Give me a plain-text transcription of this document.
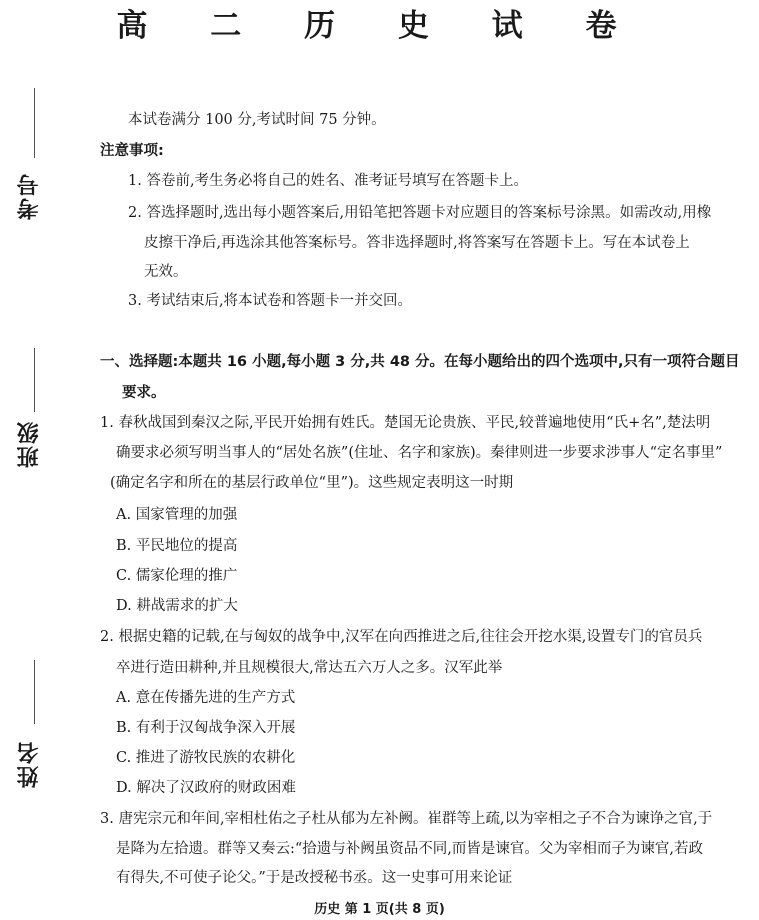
高 二 历 史 试 卷
考号
班级
姓名
本试卷满分 100 分,考试时间 75 分钟。
注意事项:
1. 答卷前,考生务必将自己的姓名、准考证号填写在答题卡上。
2. 答选择题时,选出每小题答案后,用铅笔把答题卡对应题目的答案标号涂黑。如需改动,用橡
皮擦干净后,再选涂其他答案标号。答非选择题时,将答案写在答题卡上。写在本试卷上
无效。
3. 考试结束后,将本试卷和答题卡一并交回。
一、选择题:本题共 16 小题,每小题 3 分,共 48 分。在每小题给出的四个选项中,只有一项符合题目
要求。
1. 春秋战国到秦汉之际,平民开始拥有姓氏。楚国无论贵族、平民,较普遍地使用“氏+名”,楚法明
确要求必须写明当事人的“居处名族”(住址、名字和家族)。秦律则进一步要求涉事人“定名事里”
(确定名字和所在的基层行政单位“里”)。这些规定表明这一时期
A. 国家管理的加强
B. 平民地位的提高
C. 儒家伦理的推广
D. 耕战需求的扩大
2. 根据史籍的记载,在与匈奴的战争中,汉军在向西推进之后,往往会开挖水渠,设置专门的官员兵
卒进行造田耕种,并且规模很大,常达五六万人之多。汉军此举
A. 意在传播先进的生产方式
B. 有利于汉匈战争深入开展
C. 推进了游牧民族的农耕化
D. 解决了汉政府的财政困难
3. 唐宪宗元和年间,宰相杜佑之子杜从郁为左补阙。崔群等上疏,以为宰相之子不合为谏诤之官,于
是降为左拾遗。群等又奏云:“拾遗与补阙虽资品不同,而皆是谏官。父为宰相而子为谏官,若政
有得失,不可使子论父。”于是改授秘书丞。这一史事可用来论证
历史 第 1 页(共 8 页)
